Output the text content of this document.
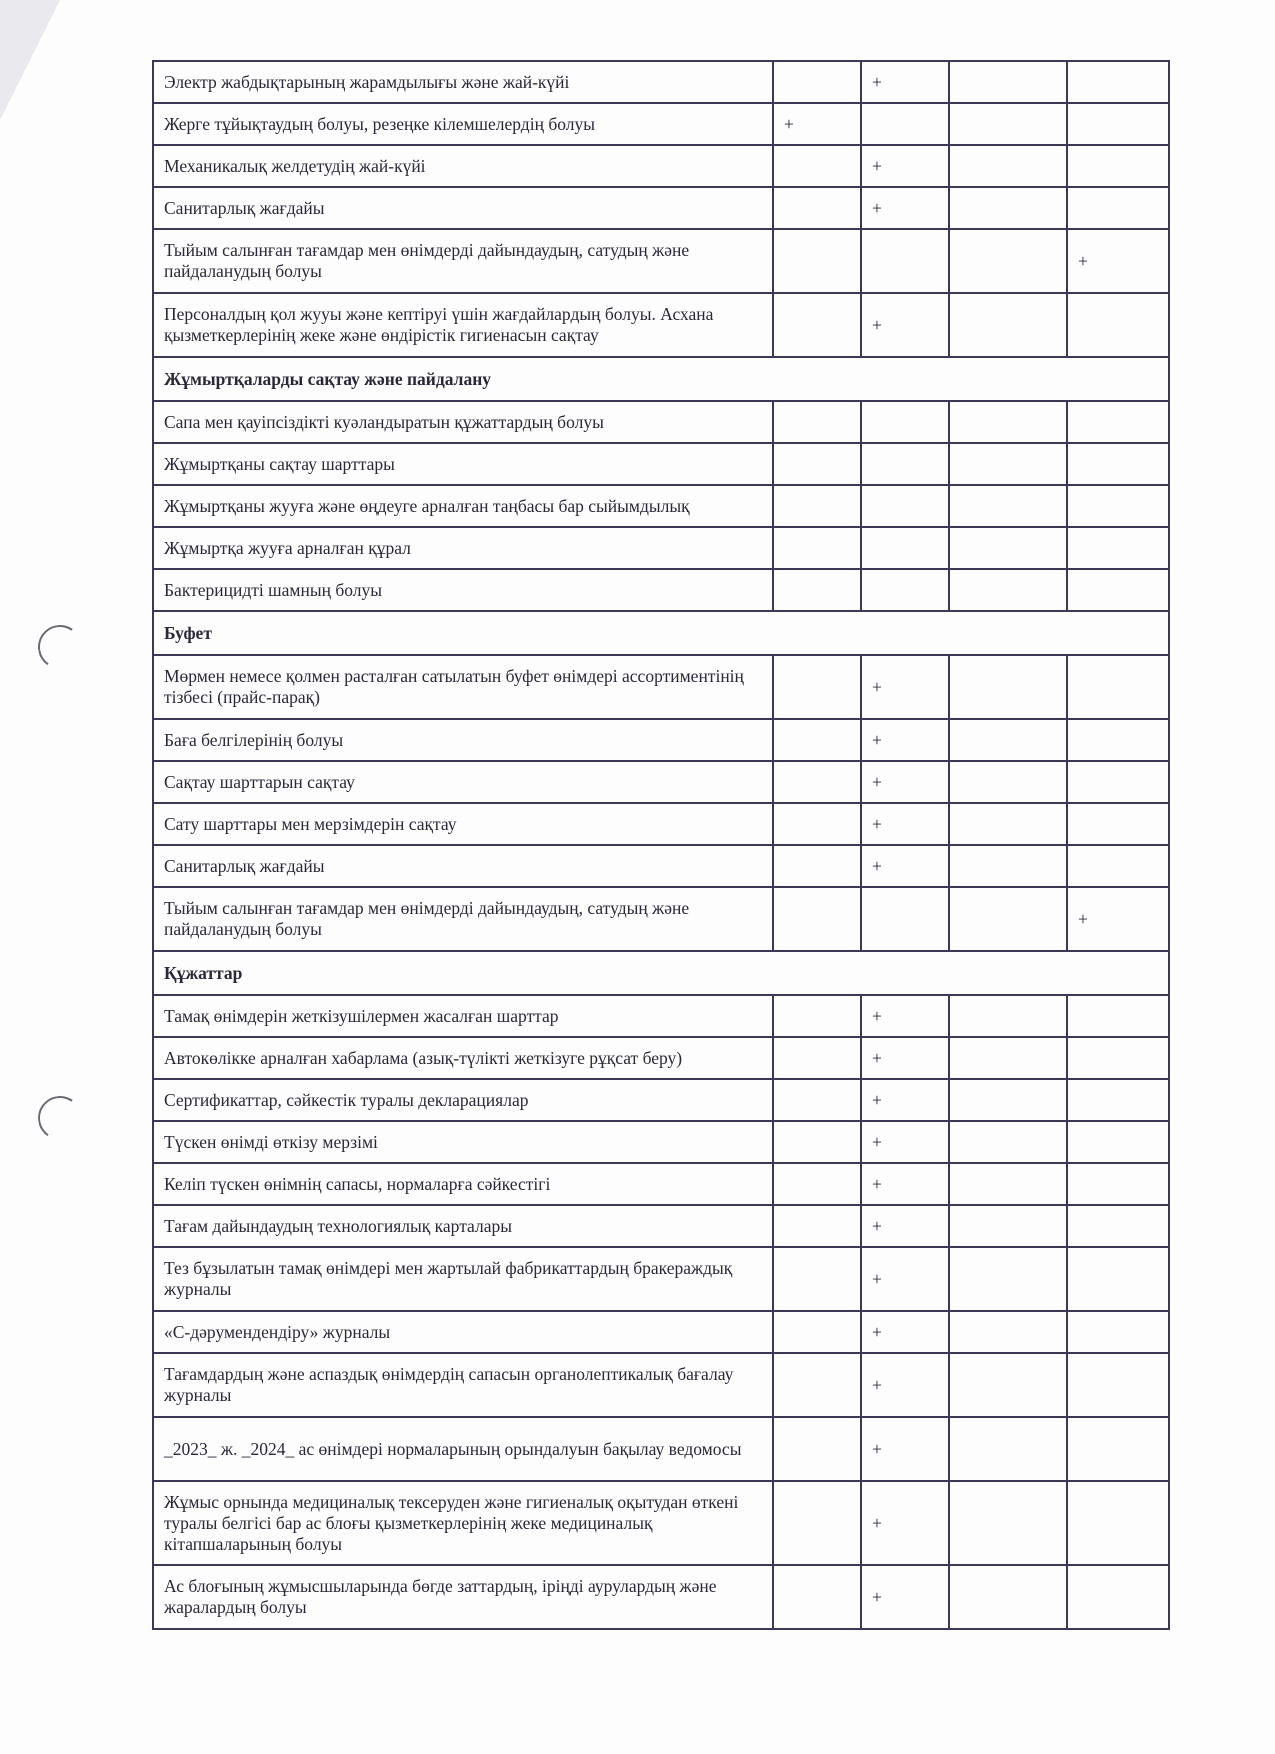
Электр жабдықтарының жарамдылығы және жай-күйі		+		
Жерге тұйықтаудың болуы, резеңке кілемшелердің болуы	+			
Механикалық желдетудің жай-күйі		+		
Санитарлық жағдайы		+		
Тыйым салынған тағамдар мен өнімдерді дайындаудың, сатудың және пайдаланудың болуы				+
Персоналдың қол жууы және кептіруі үшін жағдайлардың болуы. Асхана қызметкерлерінің жеке және өндірістік гигиенасын сақтау		+		
Жұмыртқаларды сақтау және пайдалану				
Сапа мен қауіпсіздікті куәландыратын құжаттардың болуы				
Жұмыртқаны сақтау шарттары				
Жұмыртқаны жууға және өңдеуге арналған таңбасы бар сыйымдылық				
Жұмыртқа жууға арналған құрал				
Бактерицидті шамның болуы				
Буфет				
Мөрмен немесе қолмен расталған сатылатын буфет өнімдері ассортиментінің тізбесі (прайс-парақ)		+		
Баға белгілерінің болуы		+		
Сақтау шарттарын сақтау		+		
Сату шарттары мен мерзімдерін сақтау		+		
Санитарлық жағдайы		+		
Тыйым салынған тағамдар мен өнімдерді дайындаудың, сатудың және пайдаланудың болуы				+
Құжаттар				
Тамақ өнімдерін жеткізушілермен жасалған шарттар		+		
Автокөлікке арналған хабарлама (азық-түлікті жеткізуге рұқсат беру)		+		
Сертификаттар, сәйкестік туралы декларациялар		+		
Түскен өнімді өткізу мерзімі		+		
Келіп түскен өнімнің сапасы, нормаларға сәйкестігі		+		
Тағам дайындаудың технологиялық карталары		+		
Тез бұзылатын тамақ өнімдері мен жартылай фабрикаттардың бракераждық журналы		+		
«С-дәрумендендіру» журналы		+		
Тағамдардың және аспаздық өнімдердің сапасын органолептикалық бағалау журналы		+		
_2023_ ж. _2024_ ас өнімдері нормаларының орындалуын бақылау ведомосы		+		
Жұмыс орнында медициналық тексеруден және гигиеналық оқытудан өткені туралы белгісі бар ас блоғы қызметкерлерінің жеке медициналық кітапшаларының болуы		+		
Ас блоғының жұмысшыларында бөгде заттардың, іріңді аурулардың және жаралардың болуы		+		
